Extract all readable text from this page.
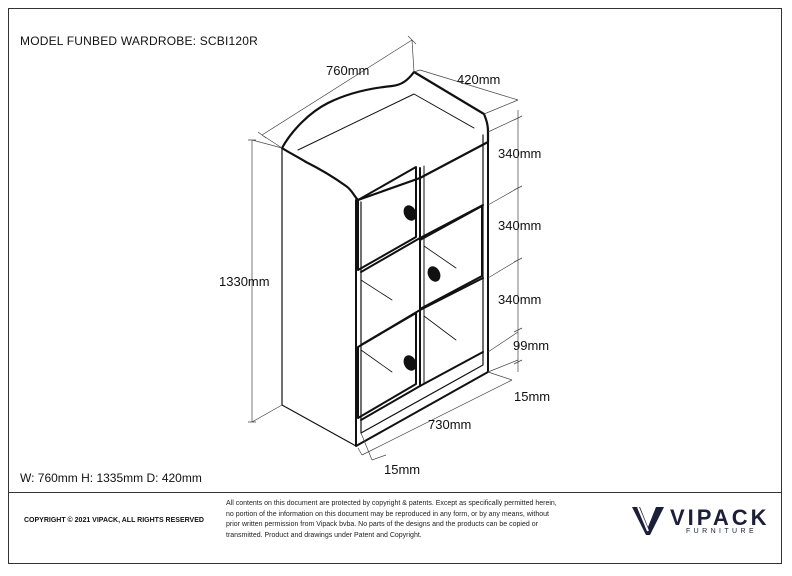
MODEL FUNBED WARDROBE: SCBI120R
760mm
420mm
1330mm
340mm
340mm
340mm
99mm
15mm
730mm
15mm
W: 760mm H: 1335mm D: 420mm
COPYRIGHT © 2021 VIPACK, ALL RIGHTS RESERVED
All contents on this document are protected by copyright & patents. Except as specifically permitted herein,
no portion of the information on this document may be reproduced in any form, or by any means, without
prior written permission from Vipack bvba. No parts of the designs and the products can be copied or
transmitted. Product and drawings under Patent and Copyright.
VIPACK
FURNITURE
